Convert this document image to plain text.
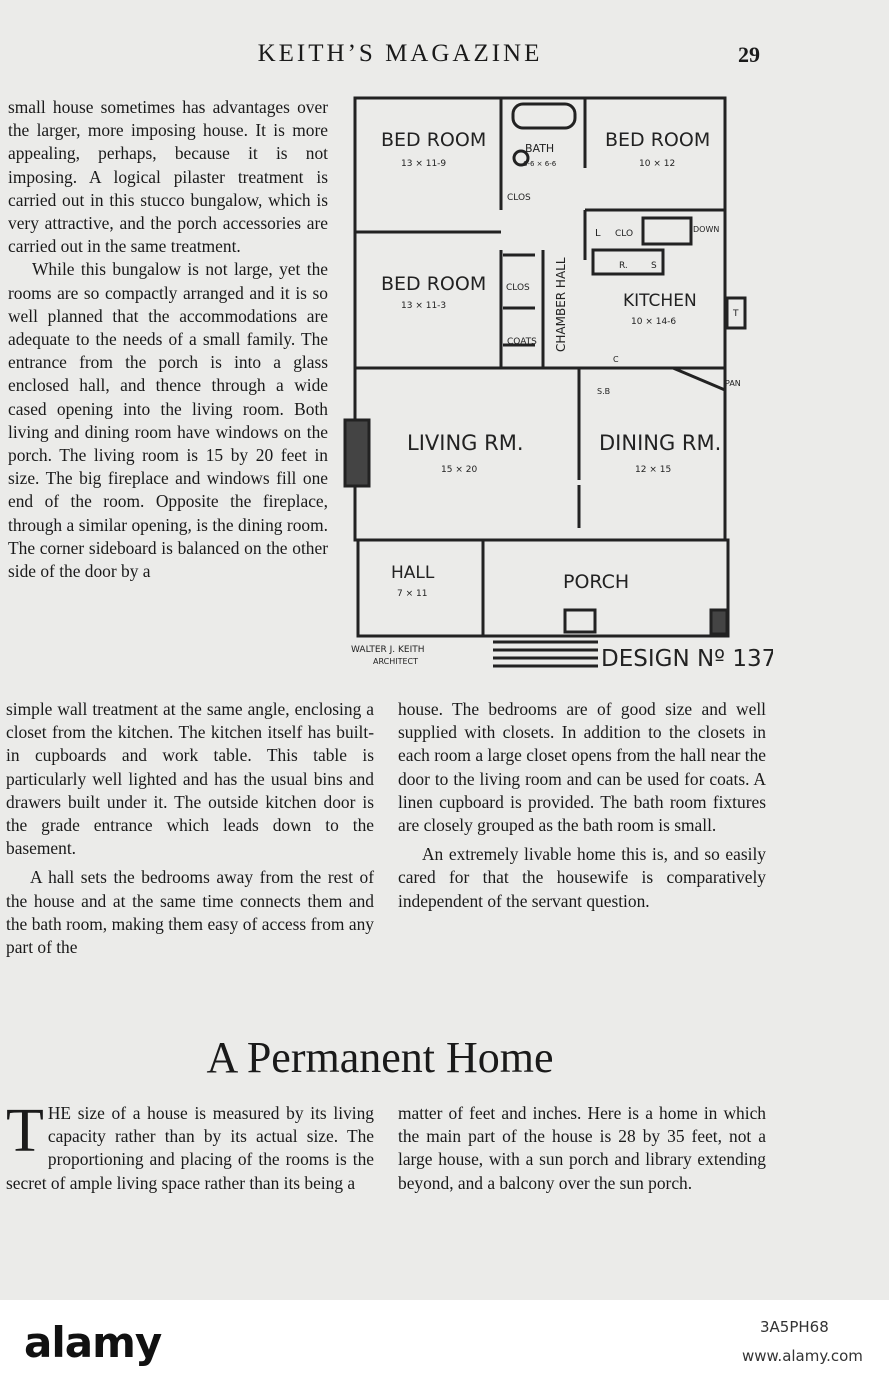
KEITH’S MAGAZINE	29

small house sometimes has advantages over the larger, more imposing house. It is more appealing, perhaps, because it is not imposing. A logical pilaster treatment is carried out in this stucco bungalow, which is very attractive, and the porch accessories are carried out in the same treatment.

While this bungalow is not large, yet the rooms are so compactly arranged and it is so well planned that the accommodations are adequate to the needs of a small family. The entrance from the porch is into a glass enclosed hall, and thence through a wide cased opening into the living room. Both living and dining room have windows on the porch. The living room is 15 by 20 feet in size. The big fireplace and windows fill one end of the room. Opposite the fireplace, through a similar opening, is the dining room. The corner sideboard is balanced on the other side of the door by a

BED ROOM
13 × 11-9
BATH
6-6 × 6-6
BED ROOM
10 × 12
CLOS
BED ROOM
13 × 11-3
CLOS
COATS CHAMBER HALL
L CLO	DOWN
R.	S
KITCHEN
10 × 14-6
T
C
S.B
PAN
LIVING RM.
15 × 20
DINING RM.
12 × 15
HALL
7 × 11
PORCH
WALTER J. KEITH
ARCHITECT	DESIGN Nº 1379

simple wall treatment at the same angle, enclosing a closet from the kitchen. The kitchen itself has built-in cupboards and work table. This table is particularly well lighted and has the usual bins and drawers built under it. The outside kitchen door is the grade entrance which leads down to the basement.

A hall sets the bedrooms away from the rest of the house and at the same time connects them and the bath room, making them easy of access from any part of the

house. The bedrooms are of good size and well supplied with closets. In addition to the closets in each room a large closet opens from the hall near the door to the living room and can be used for coats. A linen cupboard is provided. The bath room fixtures are closely grouped as the bath room is small.

An extremely livable home this is, and so easily cared for that the housewife is comparatively independent of the servant question.

A Permanent Home

THE size of a house is measured by its living capacity rather than by its actual size. The proportioning and placing of the rooms is the secret of ample living space rather than its being a

matter of feet and inches. Here is a home in which the main part of the house is 28 by 35 feet, not a large house, with a sun porch and library extending beyond, and a balcony over the sun porch.

alamy	3A5PH68
www.alamy.com
